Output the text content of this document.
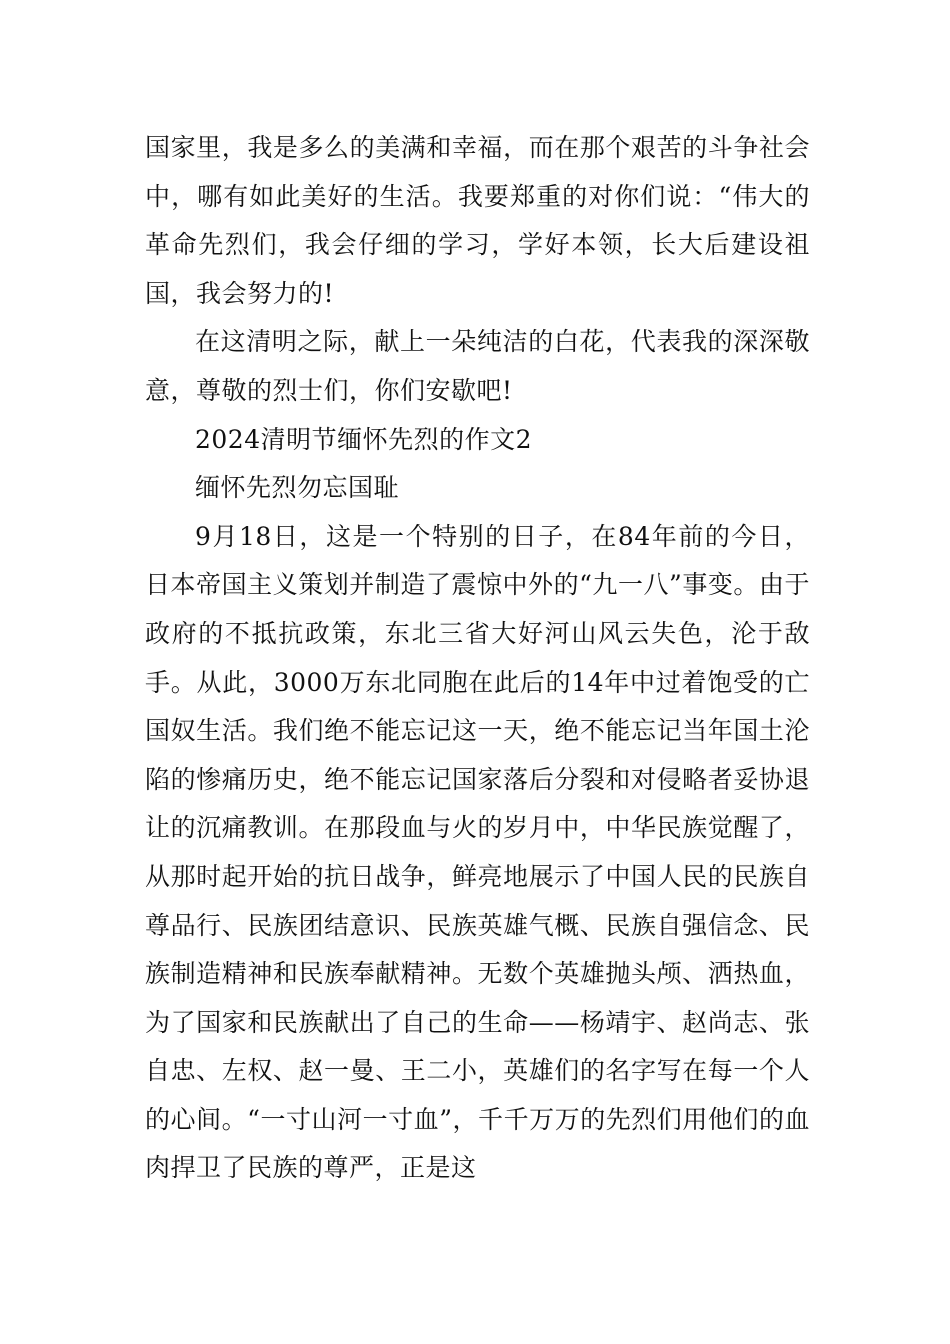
国家里，我是多么的美满和幸福，而在那个艰苦的斗争社会中，哪有如此美好的生活。我要郑重的对你们说：“伟大的革命先烈们，我会仔细的学习，学好本领，长大后建设祖国，我会努力的!

在这清明之际，献上一朵纯洁的白花，代表我的深深敬意，尊敬的烈士们，你们安歇吧!

2024清明节缅怀先烈的作文2

缅怀先烈勿忘国耻

9月18日，这是一个特别的日子，在84年前的今日，日本帝国主义策划并制造了震惊中外的“九一八”事变。由于政府的不抵抗政策，东北三省大好河山风云失色，沦于敌手。从此，3000万东北同胞在此后的14年中过着饱受的亡国奴生活。我们绝不能忘记这一天，绝不能忘记当年国土沦陷的惨痛历史，绝不能忘记国家落后分裂和对侵略者妥协退让的沉痛教训。在那段血与火的岁月中，中华民族觉醒了，从那时起开始的抗日战争，鲜亮地展示了中国人民的民族自尊品行、民族团结意识、民族英雄气概、民族自强信念、民族制造精神和民族奉献精神。无数个英雄抛头颅、洒热血，为了国家和民族献出了自己的生命——杨靖宇、赵尚志、张自忠、左权、赵一曼、王二小，英雄们的名字写在每一个人的心间。“一寸山河一寸血”，千千万万的先烈们用他们的血肉捍卫了民族的尊严，正是这
